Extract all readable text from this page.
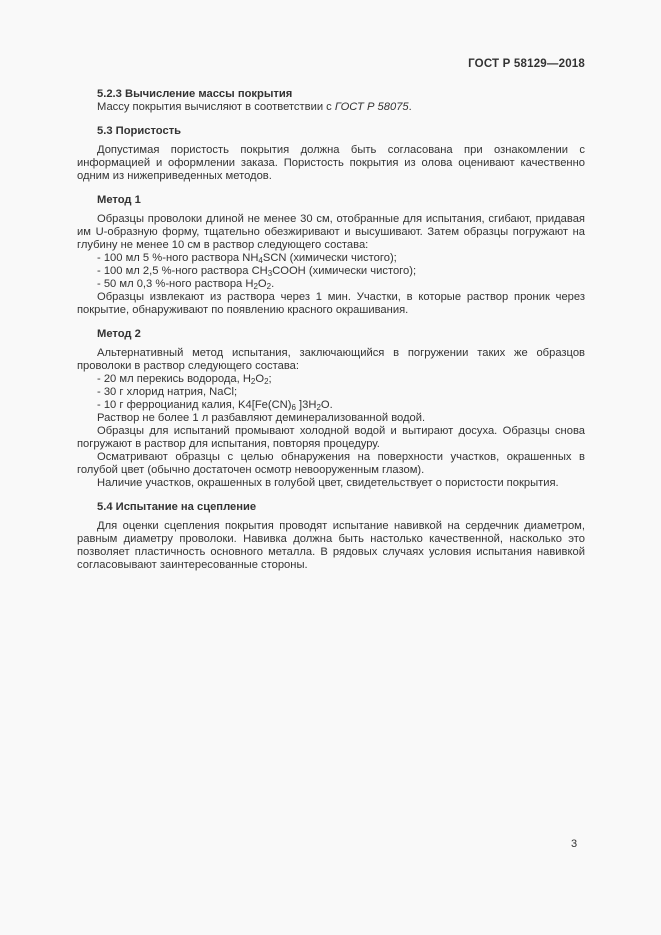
ГОСТ Р 58129—2018

5.2.3 Вычисление массы покрытия

Массу покрытия вычисляют в соответствии с ГОСТ Р 58075.

5.3 Пористость

Допустимая пористость покрытия должна быть согласована при ознакомлении с информацией и оформлении заказа. Пористость покрытия из олова оценивают качественно одним из нижеприведенных методов.

Метод 1

Образцы проволоки длиной не менее 30 см, отобранные для испытания, сгибают, придавая им U-образную форму, тщательно обезжиривают и высушивают. Затем образцы погружают на глубину не менее 10 см в раствор следующего состава:

- 100 мл 5 %-ного раствора $NH_4SCN$ (химически чистого);

- 100 мл 2,5 %-ного раствора $CH_3COOH$ (химически чистого);

- 50 мл 0,3 %-ного раствора $H_2O_2$.

Образцы извлекают из раствора через 1 мин. Участки, в которые раствор проник через покрытие, обнаруживают по появлению красного окрашивания.

Метод 2

Альтернативный метод испытания, заключающийся в погружении таких же образцов проволоки в раствор следующего состава:

- 20 мл перекись водорода, $H_2O_2$;

- 30 г хлорид натрия, NaCl;

- 10 г ферроцианид калия, $K4[Fe(CN)_6$ ]$3H_2O$.

Раствор не более 1 л разбавляют деминерализованной водой.

Образцы для испытаний промывают холодной водой и вытирают досуха. Образцы снова погружают в раствор для испытания, повторяя процедуру.

Осматривают образцы с целью обнаружения на поверхности участков, окрашенных в голубой цвет (обычно достаточен осмотр невооруженным глазом).

Наличие участков, окрашенных в голубой цвет, свидетельствует о пористости покрытия.

5.4 Испытание на сцепление

Для оценки сцепления покрытия проводят испытание навивкой на сердечник диаметром, равным диаметру проволоки. Навивка должна быть настолько качественной, насколько это позволяет пластичность основного металла. В рядовых случаях условия испытания навивкой согласовывают заинтересованные стороны.

3
